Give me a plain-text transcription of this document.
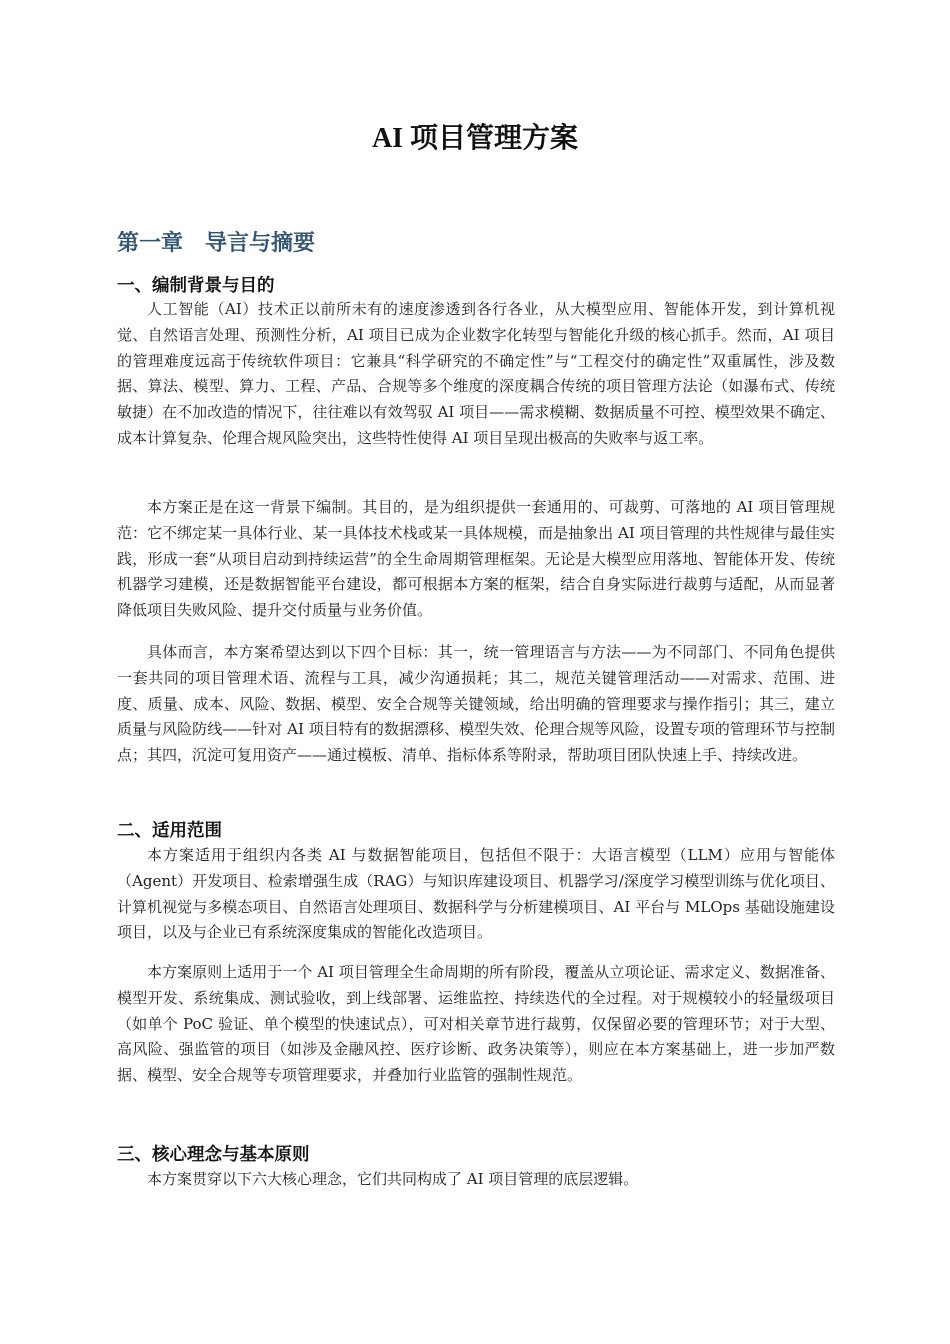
AI 项目管理方案
第一章 导言与摘要
一、编制背景与目的

人工智能（AI）技术正以前所未有的速度渗透到各行各业，从大模型应用、智能体开发，到计算机视觉、自然语言处理、预测性分析，AI 项目已成为企业数字化转型与智能化升级的核心抓手。然而，AI 项目的管理难度远高于传统软件项目：它兼具“科学研究的不确定性”与“工程交付的确定性”双重属性，涉及数据、算法、模型、算力、工程、产品、合规等多个维度的深度耦合传统的项目管理方法论（如瀑布式、传统敏捷）在不加改造的情况下，往往难以有效驾驭 AI 项目——需求模糊、数据质量不可控、模型效果不确定、成本计算复杂、伦理合规风险突出，这些特性使得 AI 项目呈现出极高的失败率与返工率。

本方案正是在这一背景下编制。其目的，是为组织提供一套通用的、可裁剪、可落地的 AI 项目管理规范：它不绑定某一具体行业、某一具体技术栈或某一具体规模，而是抽象出 AI 项目管理的共性规律与最佳实践，形成一套“从项目启动到持续运营”的全生命周期管理框架。无论是大模型应用落地、智能体开发、传统机器学习建模，还是数据智能平台建设，都可根据本方案的框架，结合自身实际进行裁剪与适配，从而显著降低项目失败风险、提升交付质量与业务价值。

具体而言，本方案希望达到以下四个目标：其一，统一管理语言与方法——为不同部门、不同角色提供一套共同的项目管理术语、流程与工具，减少沟通损耗；其二，规范关键管理活动——对需求、范围、进度、质量、成本、风险、数据、模型、安全合规等关键领域，给出明确的管理要求与操作指引；其三，建立质量与风险防线——针对 AI 项目特有的数据漂移、模型失效、伦理合规等风险，设置专项的管理环节与控制点；其四，沉淀可复用资产——通过模板、清单、指标体系等附录，帮助项目团队快速上手、持续改进。

二、适用范围

本方案适用于组织内各类 AI 与数据智能项目，包括但不限于：大语言模型（LLM）应用与智能体（Agent）开发项目、检索增强生成（RAG）与知识库建设项目、机器学习/深度学习模型训练与优化项目、计算机视觉与多模态项目、自然语言处理项目、数据科学与分析建模项目、AI 平台与 MLOps 基础设施建设项目，以及与企业已有系统深度集成的智能化改造项目。

本方案原则上适用于一个 AI 项目管理全生命周期的所有阶段，覆盖从立项论证、需求定义、数据准备、模型开发、系统集成、测试验收，到上线部署、运维监控、持续迭代的全过程。对于规模较小的轻量级项目（如单个 PoC 验证、单个模型的快速试点），可对相关章节进行裁剪，仅保留必要的管理环节；对于大型、高风险、强监管的项目（如涉及金融风控、医疗诊断、政务决策等），则应在本方案基础上，进一步加严数据、模型、安全合规等专项管理要求，并叠加行业监管的强制性规范。

三、核心理念与基本原则

本方案贯穿以下六大核心理念，它们共同构成了 AI 项目管理的底层逻辑。
